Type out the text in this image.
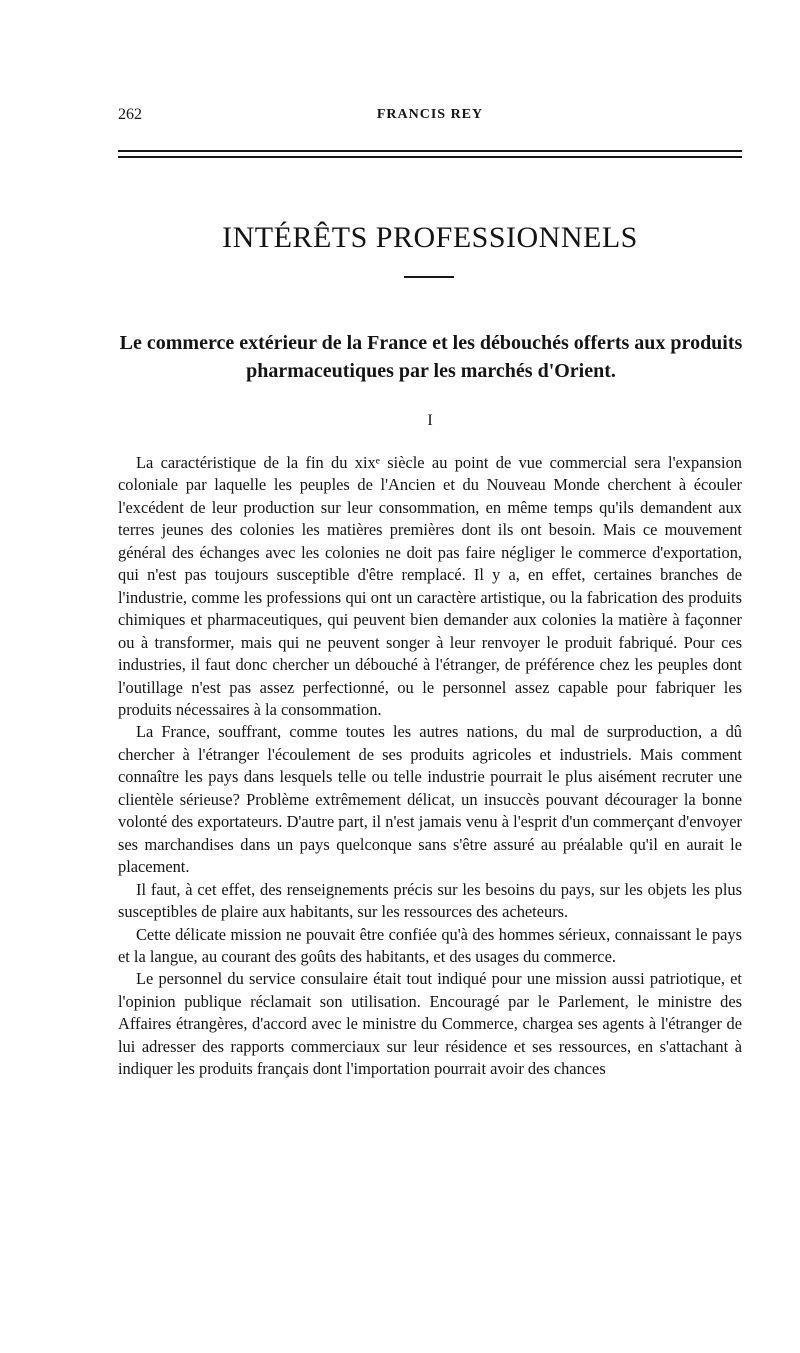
262	FRANCIS REY
INTÉRÊTS PROFESSIONNELS
Le commerce extérieur de la France et les débouchés offerts aux produits pharmaceutiques par les marchés d'Orient.
I

La caractéristique de la fin du xixᵉ siècle au point de vue commercial sera l'expansion coloniale par laquelle les peuples de l'Ancien et du Nouveau Monde cherchent à écouler l'excédent de leur production sur leur consommation, en même temps qu'ils demandent aux terres jeunes des colonies les matières premières dont ils ont besoin. Mais ce mouvement général des échanges avec les colonies ne doit pas faire négliger le commerce d'exportation, qui n'est pas toujours susceptible d'être remplacé. Il y a, en effet, certaines branches de l'industrie, comme les professions qui ont un caractère artistique, ou la fabrication des produits chimiques et pharmaceutiques, qui peuvent bien demander aux colonies la matière à façonner ou à transformer, mais qui ne peuvent songer à leur renvoyer le produit fabriqué. Pour ces industries, il faut donc chercher un débouché à l'étranger, de préférence chez les peuples dont l'outillage n'est pas assez perfectionné, ou le personnel assez capable pour fabriquer les produits nécessaires à la consommation.

La France, souffrant, comme toutes les autres nations, du mal de surproduction, a dû chercher à l'étranger l'écoulement de ses produits agricoles et industriels. Mais comment connaître les pays dans lesquels telle ou telle industrie pourrait le plus aisément recruter une clientèle sérieuse? Problème extrêmement délicat, un insuccès pouvant décourager la bonne volonté des exportateurs. D'autre part, il n'est jamais venu à l'esprit d'un commerçant d'envoyer ses marchandises dans un pays quelconque sans s'être assuré au préalable qu'il en aurait le placement.

Il faut, à cet effet, des renseignements précis sur les besoins du pays, sur les objets les plus susceptibles de plaire aux habitants, sur les ressources des acheteurs.

Cette délicate mission ne pouvait être confiée qu'à des hommes sérieux, connaissant le pays et la langue, au courant des goûts des habitants, et des usages du commerce.

Le personnel du service consulaire était tout indiqué pour une mission aussi patriotique, et l'opinion publique réclamait son utilisation. Encouragé par le Parlement, le ministre des Affaires étrangères, d'accord avec le ministre du Commerce, chargea ses agents à l'étranger de lui adresser des rapports commerciaux sur leur résidence et ses ressources, en s'attachant à indiquer les produits français dont l'importation pourrait avoir des chances
